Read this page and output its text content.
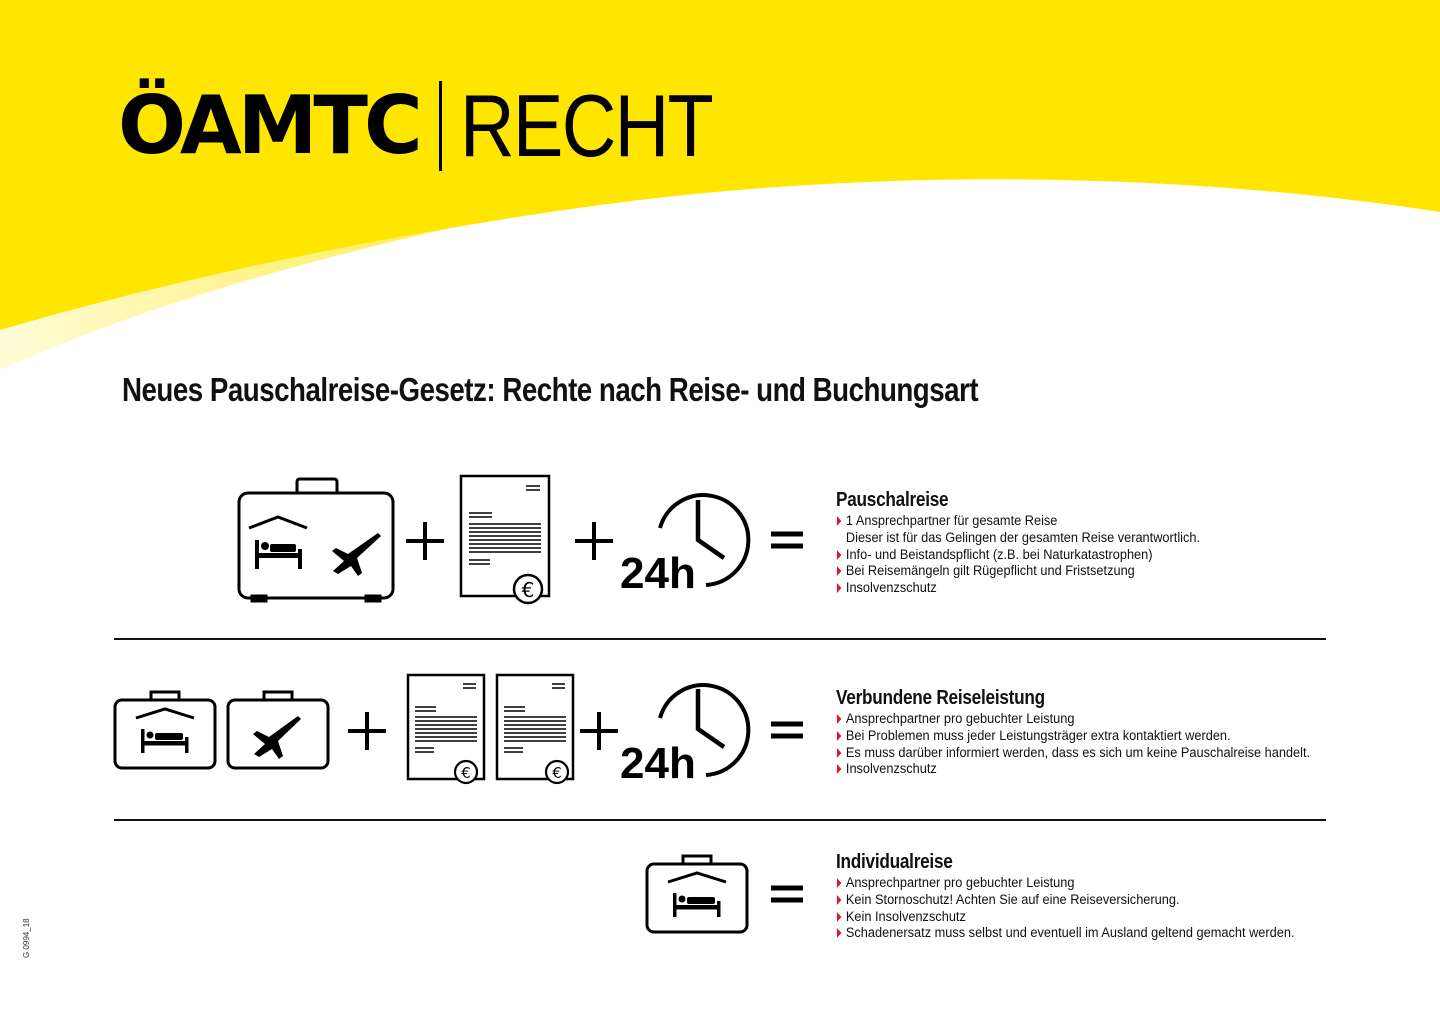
ÖAMTC RECHT
Neues Pauschalreise-Gesetz: Rechte nach Reise- und Buchungsart
€ 24h
€	€ 24h
Pauschalreise
1 Ansprechpartner für gesamte Reise
Dieser ist für das Gelingen der gesamten Reise verantwortlich.
Info- und Beistandspflicht (z.B. bei Naturkatastrophen)
Bei Reisemängeln gilt Rügepflicht und Fristsetzung
Insolvenzschutz
Verbundene Reiseleistung
Ansprechpartner pro gebuchter Leistung
Bei Problemen muss jeder Leistungsträger extra kontaktiert werden.
Es muss darüber informiert werden, dass es sich um keine Pauschalreise handelt.
Insolvenzschutz
Individualreise
Ansprechpartner pro gebuchter Leistung
Kein Stornoschutz! Achten Sie auf eine Reiseversicherung.
Kein Insolvenzschutz
Schadenersatz muss selbst und eventuell im Ausland geltend gemacht werden.
G 0994_18
